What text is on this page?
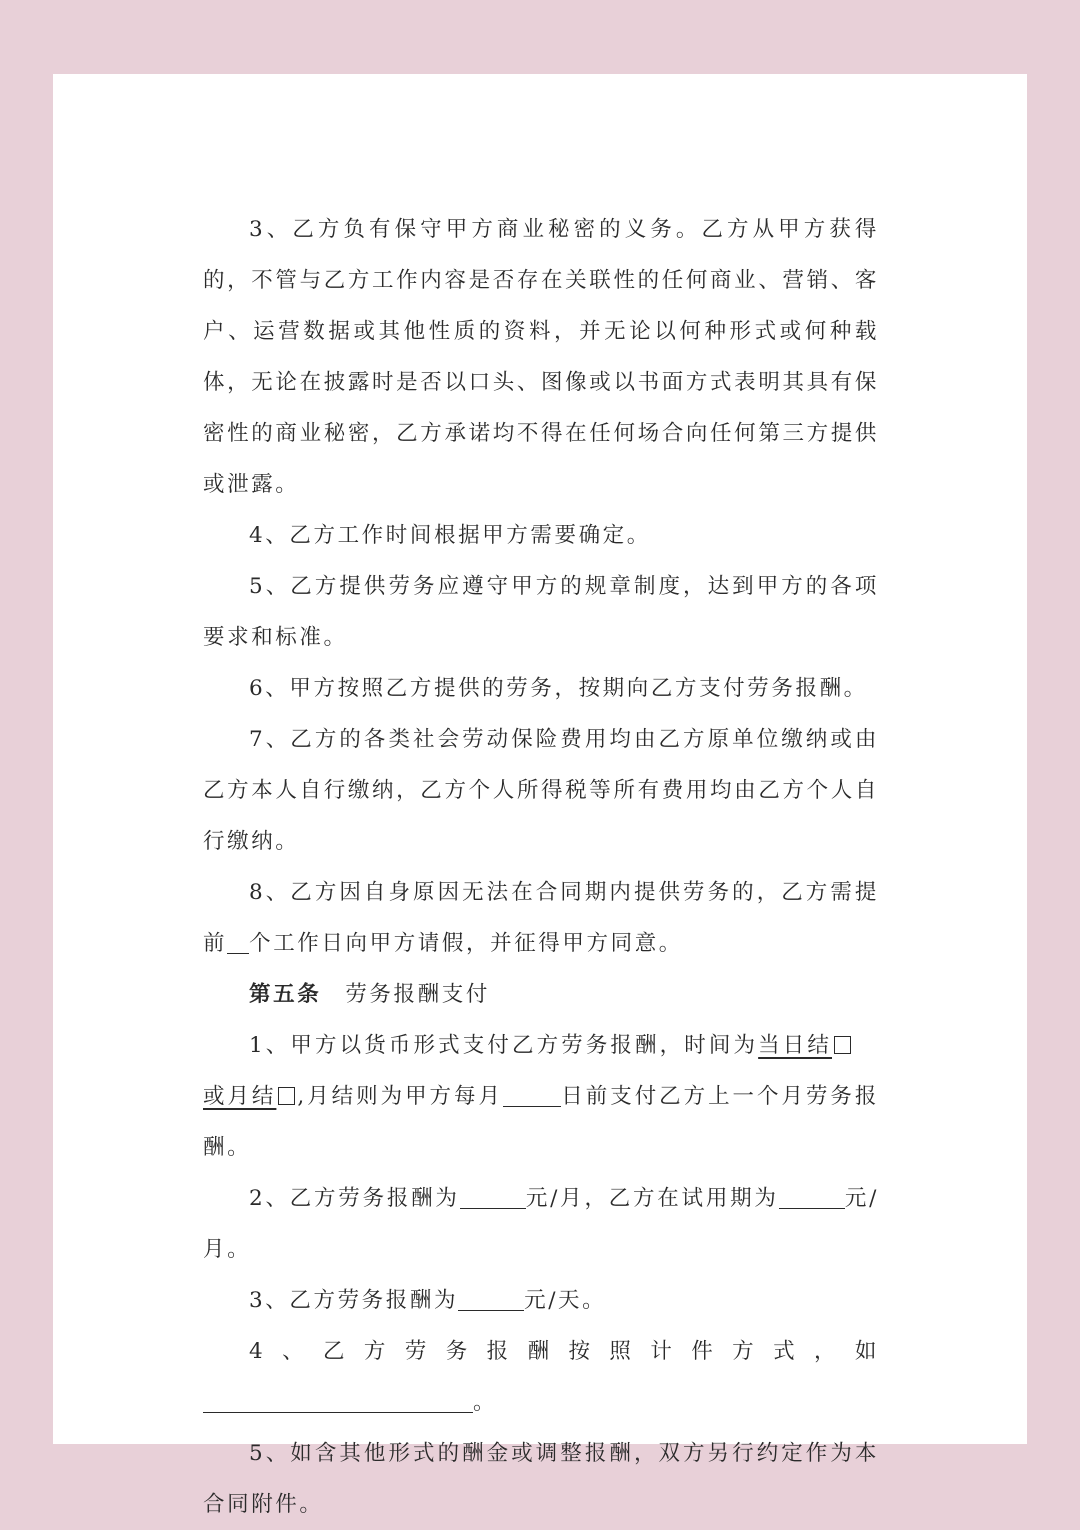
3、乙方负有保守甲方商业秘密的义务。乙方从甲方获得的，不管与乙方工作内容是否存在关联性的任何商业、营销、客户、运营数据或其他性质的资料，并无论以何种形式或何种载体，无论在披露时是否以口头、图像或以书面方式表明其具有保密性的商业秘密，乙方承诺均不得在任何场合向任何第三方提供或泄露。

4、乙方工作时间根据甲方需要确定。

5、乙方提供劳务应遵守甲方的规章制度，达到甲方的各项要求和标准。

6、甲方按照乙方提供的劳务，按期向乙方支付劳务报酬。

7、乙方的各类社会劳动保险费用均由乙方原单位缴纳或由乙方本人自行缴纳，乙方个人所得税等所有费用均由乙方个人自行缴纳。

8、乙方因自身原因无法在合同期内提供劳务的，乙方需提前 个工作日向甲方请假，并征得甲方同意。

第五条 劳务报酬支付

1、甲方以货币形式支付乙方劳务报酬，时间为当日结或月结 ,月结则为甲方每月	日前支付乙方上一个月劳务报酬。

2、乙方劳务报酬为	元/月，乙方在试用期为	元/月。

3、乙方劳务报酬为	元/天。

4、乙方劳务报酬按照计件方式，如。

5、如含其他形式的酬金或调整报酬，双方另行约定作为本合同附件。
